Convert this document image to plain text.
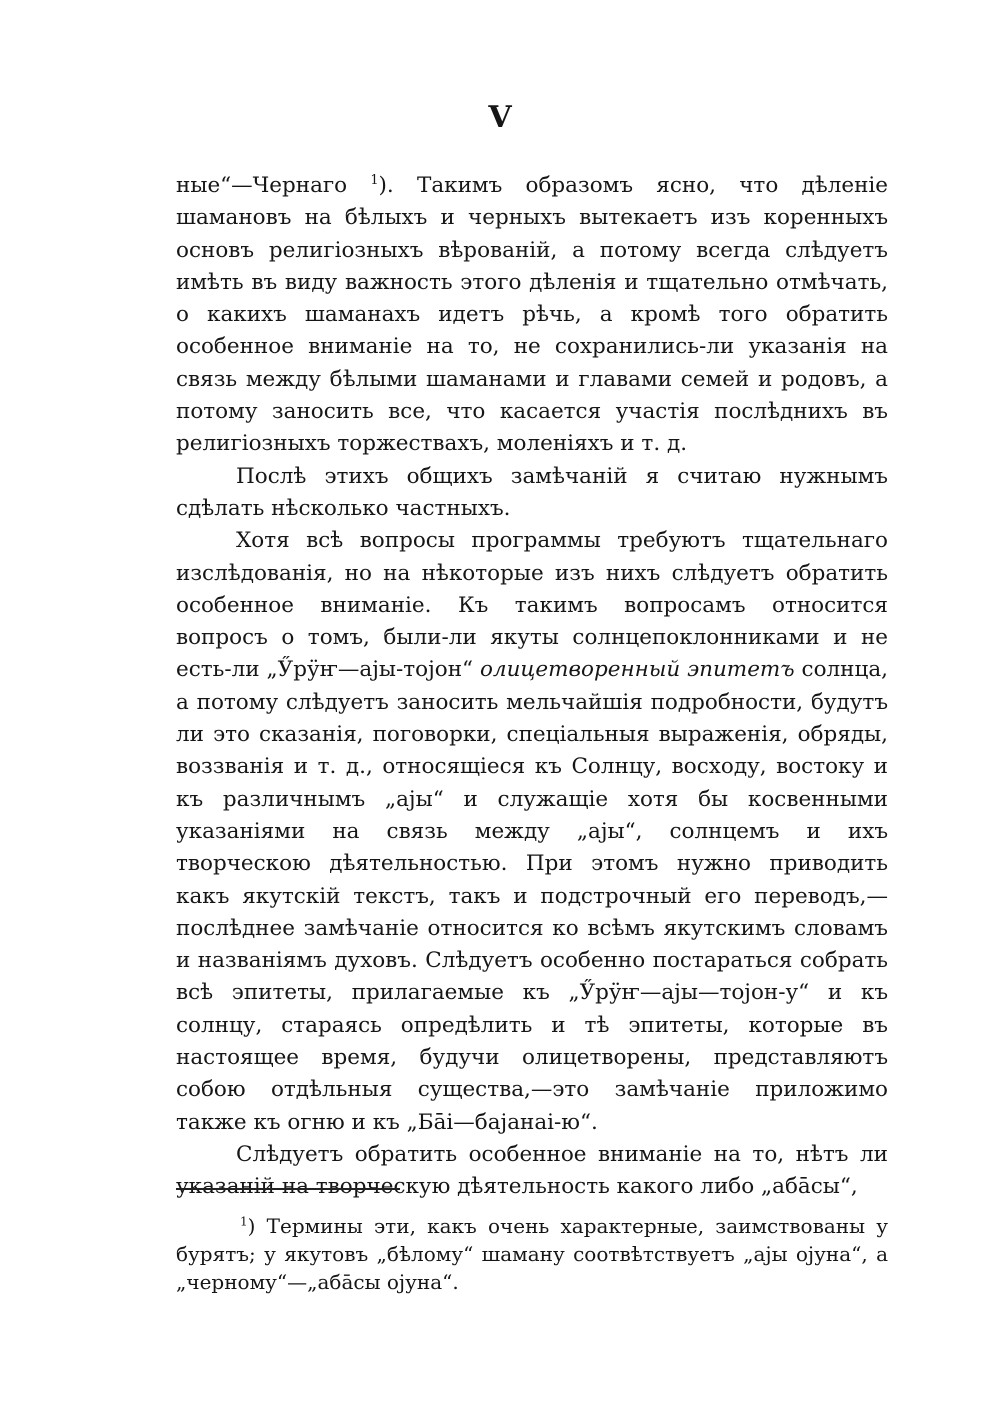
V

ные“—Чернаго $^1$). Такимъ образомъ ясно, что дѣленіе шамановъ на бѣлыхъ и черныхъ вытекаетъ изъ коренныхъ основъ религіозныхъ вѣрованій, а потому всегда слѣдуетъ имѣть въ виду важность этого дѣленія и тщательно отмѣчать, о какихъ шаманахъ идетъ рѣчь, а кромѣ того обратить особенное вниманіе на то, не сохранились-ли указанія на связь между бѣлыми шаманами и главами семей и родовъ, а потому заносить все, что касается участія послѣднихъ въ религіозныхъ торжествахъ, моленіяхъ и т. д.

Послѣ этихъ общихъ замѣчаній я считаю нужнымъ сдѣлать нѣсколько частныхъ.

Хотя всѣ вопросы программы требуютъ тщательнаго изслѣдованія, но на нѣкоторые изъ нихъ слѣдуетъ обратить особенное вниманіе. Къ такимъ вопросамъ относится вопросъ о томъ, были-ли якуты солнцепоклонниками и не есть-ли „Ӳрӱҥ—ајы-тојон“ олицетворенный эпитетъ солнца, а потому слѣдуетъ заносить мельчайшія подробности, будутъ ли это сказанія, поговорки, спеціальныя выраженія, обряды, воззванія и т. д., относящіеся къ Солнцу, восходу, востоку и къ различнымъ „ајы“ и служащіе хотя бы косвенными указаніями на связь между „ајы“, солнцемъ и ихъ творческою дѣятельностью. При этомъ нужно приводить какъ якутскій текстъ, такъ и подстрочный его переводъ,—послѣднее замѣчаніе относится ко всѣмъ якутскимъ словамъ и названіямъ духовъ. Слѣдуетъ особенно постараться собрать всѣ эпитеты, прилагаемые къ „Ӳрӱҥ—ајы—тојон-у“ и къ солнцу, стараясь опредѣлить и тѣ эпитеты, которые въ настоящее время, будучи олицетворены, представляютъ собою отдѣльныя существа,—это замѣчаніе приложимо также къ огню и къ „Бāі—бајанаі-ю“.

Слѣдуетъ обратить особенное вниманіе на то, нѣтъ ли указаній на творческую дѣятельность какого либо „абāсы“,

$^1$) Термины эти, какъ очень характерные, заимствованы у бурятъ; у якутовъ „бѣлому“ шаману соотвѣтствуетъ „ајы ојуна“, а „черному“—„абāсы ојуна“.
